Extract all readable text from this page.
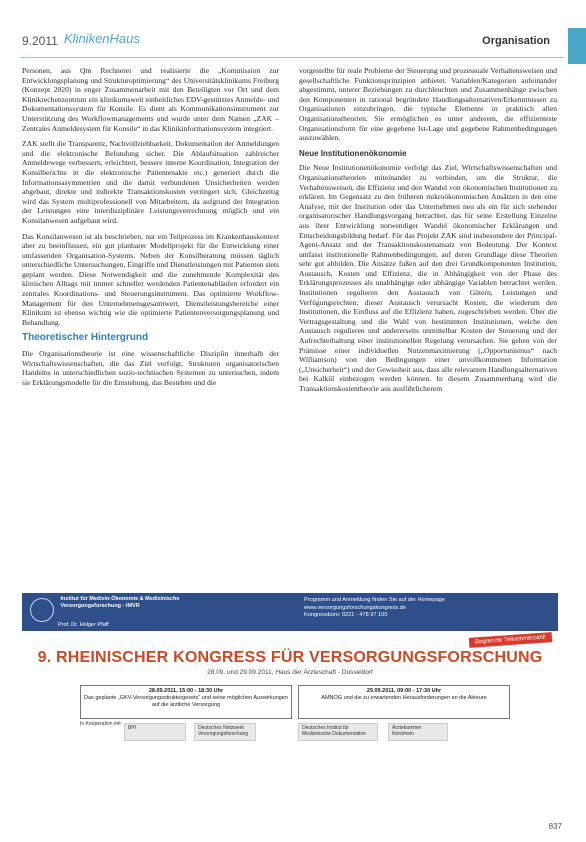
9.2011 KlinikenHaus	Organisation

Personen, aus Qm Rechnerei und realisierte die „Kommission zur Entwicklungsplanung und Strukturoptimierung“ des Universitätsklinikums Freiburg (Konzept 2020) in enger Zusammenarbeit mit den Beteiligten vor Ort und dem Klinikrechenzentrum ein klinikumsweit einheitliches EDV-gestütztes Anmelde- und Dokumentationssystem für Konsile. Es dient als Kommunikationsinstrument zur Unterstützung des Workflowmanagements und wurde unter dem Namen „ZAK – Zentrales Anmeldesystem für Konsile“ in das Klinikinformationssystem integriert.

ZAK stellt die Transparenz, Nachvollziehbarkeit, Dokumentation der Anmeldungen und die elektronische Befundung sicher. Die Ablaufsituation zahlreicher Anmeldewege verbessern, erleichtert, bessere interne Koordination, Integration der Konsilberichte in die elektronische Patientenakte etc.) generiert durch die Informationsasymmetrien und die damit verbundenen Unsicherheiten werden abgebaut, direkte und indirekte Transaktionskosten verringert sich. Gleichzeitig wird das System multiprofessionell von Mitarbeitern, da aufgrund der Integration der Leistungen eine interdisziplinäre Leistungsverrechnung möglich und ein Konsilanwesen aufgebaut wird.

Das Konsilanwesen ist als beschrieben, nur ein Teilprozess im Krankenhauskontext aber zu beeinflussen, ein gut planbarer Modellprojekt für die Entwicklung einer umfassenden Organisation-Systems. Neben der Konsilberatung müssen täglich unterschiedliche Untersuchungen, Eingriffe und Dienstleistungen mit Patienten stets geplant werden. Diese Notwendigkeit und die zunehmende Komplexität des klinischen Alltags mit immer schneller werdenden Patientenabläufen erfordert ein zentrales Koordinations- und Steuerungsinstrument. Das optimierte Workflow-Management für den Unternehmensgesamtwert, Dienstleistungsbereiche einer Klinikum ist ebenso wichtig wie die optimierte Patientenversorgungsplanung und Behandlung.

Theoretischer Hintergrund

Die Organisationstheorie ist eine wissenschaftliche Disziplin innerhalb der Wirtschaftswissenschaften, die das Ziel verfolgt, Strukturen organisatorischen Handelns in unterschiedlichen sozio-technischen Systemen zu untersuchen, indem sie Erklärungsmodelle für die Entstehung, das Bestehen und die

vorgestellte für reale Probleme der Steuerung und prozessuale Verhaltensweisen und gesellschaftliche Funktionsprinzipien anbietet. Variablen/Kategorien aufeinander abgestimmt, unterer Beziehungen zu durchleuchten und Zusammenhänge zwischen den Komponenten in rational begründete Handlungsalternativen/Erkenntnissen zu Organisationen einzubringen, die typische Elemente in praktisch allen Organisationstheorien. Sie ermöglichen es unter anderem, die effizienteste Organisationsform für eine gegebene Ist-Lage und gegebene Rahmenbedingungen auszuwählen.

Neue Institutionenökonomie

Die Neue Institutionenökonomie verfolgt das Ziel, Wirtschaftswissenschaften und Organisationstheorien miteinander zu verbinden, um die Struktur, die Verhaltensweisen, die Effizienz und den Wandel von ökonomischen Institutionen zu erklären. Im Gegensatz zu den früheren mikroökonomischen Ansätzen in den eine Analyse, mit der Institution oder das Unternehmen neu als ein für sich stehender organisatorischer Handlungsvorgang betrachtet, das für seine Erstellung Einzelne aus ihrer Entwicklung notwendiger Wandel ökonomischer Erklärungen und Entscheidungsbildung bedarf. Für das Projekt ZAK sind insbesondere der Principal-Agent-Ansatz und der Transaktionskostenansatz von Bedeutung. Der Kontext umfasst institutionelle Rahmenbedingungen, auf deren Grundlage diese Theorien sehr gut abbilden. Die Ansätze fußen auf den drei Grundkomponenten Institution, Austausch, Kosten und Effizienz, die in Abhängigkeit von der Phase des Erklärungsprozesses als unabhängige oder abhängige Variablen betrachtet werden. Institutionen regulieren den Austausch von Gütern, Leistungen und Verfügungsrechten; dieser Austausch verursacht Kosten, die wiederum den Institutionen, die Einfluss auf die Effizienz haben, zugeschrieben werden. Über die Vertragsgestaltung und die Wahl von bestimmten Institutionen, welche den Austausch regulieren und andererseits unmittelbar Kosten der Steuerung und der Aufrechterhaltung einer institutionellen Regelung verursachen. Sie gehen von der Prämisse einer individuellen Nutzenmaximierung („Opportunismus“ nach Williamson) von den Bedingungen einer unvollkommenen Information („Unsicherheit“) und der Gewissheit aus, dass alle relevanten Handlungsalternativen bei Kalkül einbezogen werden können. In diesem Zusammenhang wird die Transaktionskostentheorie aus ausführlicherem

Institut für Medizin-Ökonomie & Medizinische Versorgungsforschung - IMVR
Prof. Dr. Holger Pfaff
Programm und Anmeldung finden Sie auf der Homepage
www.versorgungsforschungskongress.de
Kongressbüro: 0221 - 478 97 100
Begrenzte Teilnehmerzahl!
9. RHEINISCHER KONGRESS FÜR VERSORGUNGSFORSCHUNG
28.09. und 29.09.2011, Haus der Ärzteschaft - Düsseldorf
28.09.2011, 15:00 - 18:30 Uhr
Das geplante „GKV-Versorgungsstrukturgesetz“ und seine möglichen Auswirkungen auf die ärztliche Versorgung
29.09.2011, 09:00 - 17:30 Uhr
AMNOG und die zu erwartenden Herausforderungen an die Akteure
In Kooperation mit:
BPI	Deutsches Netzwerk Versorgungsforschung
Deutsches Institut für Medizinische Dokumentation
Ärztekammer Nordrhein
837
